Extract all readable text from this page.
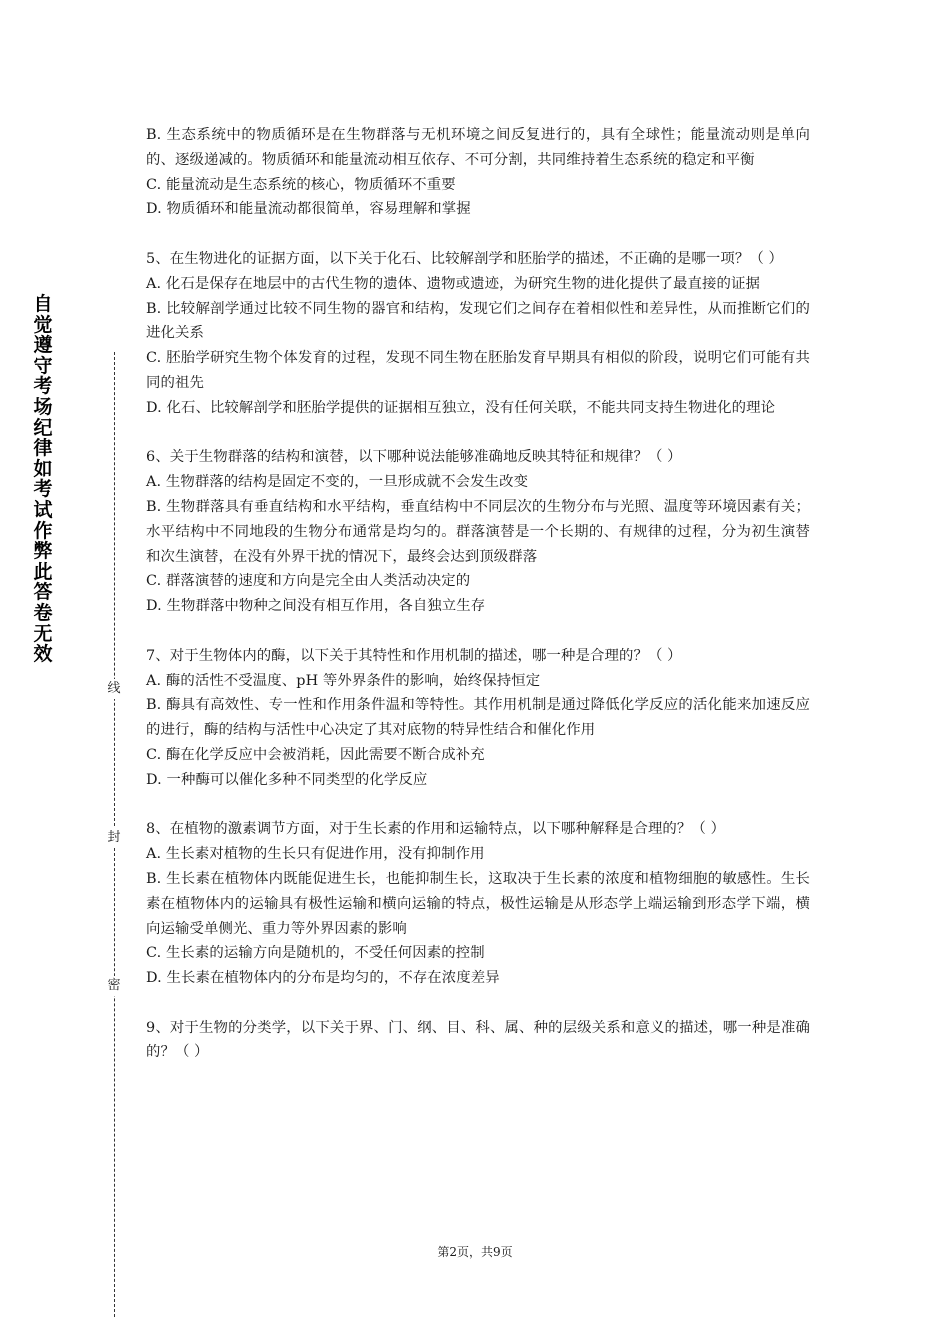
自觉遵守考场纪律如考试作弊此答卷无效
线
封
密

B. 生态系统中的物质循环是在生物群落与无机环境之间反复进行的，具有全球性；能量流动则是单向的、逐级递减的。物质循环和能量流动相互依存、不可分割，共同维持着生态系统的稳定和平衡

C. 能量流动是生态系统的核心，物质循环不重要

D. 物质循环和能量流动都很简单，容易理解和掌握

5、在生物进化的证据方面，以下关于化石、比较解剖学和胚胎学的描述，不正确的是哪一项？（ ）

A. 化石是保存在地层中的古代生物的遗体、遗物或遗迹，为研究生物的进化提供了最直接的证据

B. 比较解剖学通过比较不同生物的器官和结构，发现它们之间存在着相似性和差异性，从而推断它们的进化关系

C. 胚胎学研究生物个体发育的过程，发现不同生物在胚胎发育早期具有相似的阶段，说明它们可能有共同的祖先

D. 化石、比较解剖学和胚胎学提供的证据相互独立，没有任何关联，不能共同支持生物进化的理论

6、关于生物群落的结构和演替，以下哪种说法能够准确地反映其特征和规律？（ ）

A. 生物群落的结构是固定不变的，一旦形成就不会发生改变

B. 生物群落具有垂直结构和水平结构，垂直结构中不同层次的生物分布与光照、温度等环境因素有关；水平结构中不同地段的生物分布通常是均匀的。群落演替是一个长期的、有规律的过程，分为初生演替和次生演替，在没有外界干扰的情况下，最终会达到顶级群落

C. 群落演替的速度和方向是完全由人类活动决定的

D. 生物群落中物种之间没有相互作用，各自独立生存

7、对于生物体内的酶，以下关于其特性和作用机制的描述，哪一种是合理的？（ ）

A. 酶的活性不受温度、pH 等外界条件的影响，始终保持恒定

B. 酶具有高效性、专一性和作用条件温和等特性。其作用机制是通过降低化学反应的活化能来加速反应的进行，酶的结构与活性中心决定了其对底物的特异性结合和催化作用

C. 酶在化学反应中会被消耗，因此需要不断合成补充

D. 一种酶可以催化多种不同类型的化学反应

8、在植物的激素调节方面，对于生长素的作用和运输特点，以下哪种解释是合理的？（ ）

A. 生长素对植物的生长只有促进作用，没有抑制作用

B. 生长素在植物体内既能促进生长，也能抑制生长，这取决于生长素的浓度和植物细胞的敏感性。生长素在植物体内的运输具有极性运输和横向运输的特点，极性运输是从形态学上端运输到形态学下端，横向运输受单侧光、重力等外界因素的影响

C. 生长素的运输方向是随机的，不受任何因素的控制

D. 生长素在植物体内的分布是均匀的，不存在浓度差异

9、对于生物的分类学，以下关于界、门、纲、目、科、属、种的层级关系和意义的描述，哪一种是准确的？（ ）

第2页，共9页
